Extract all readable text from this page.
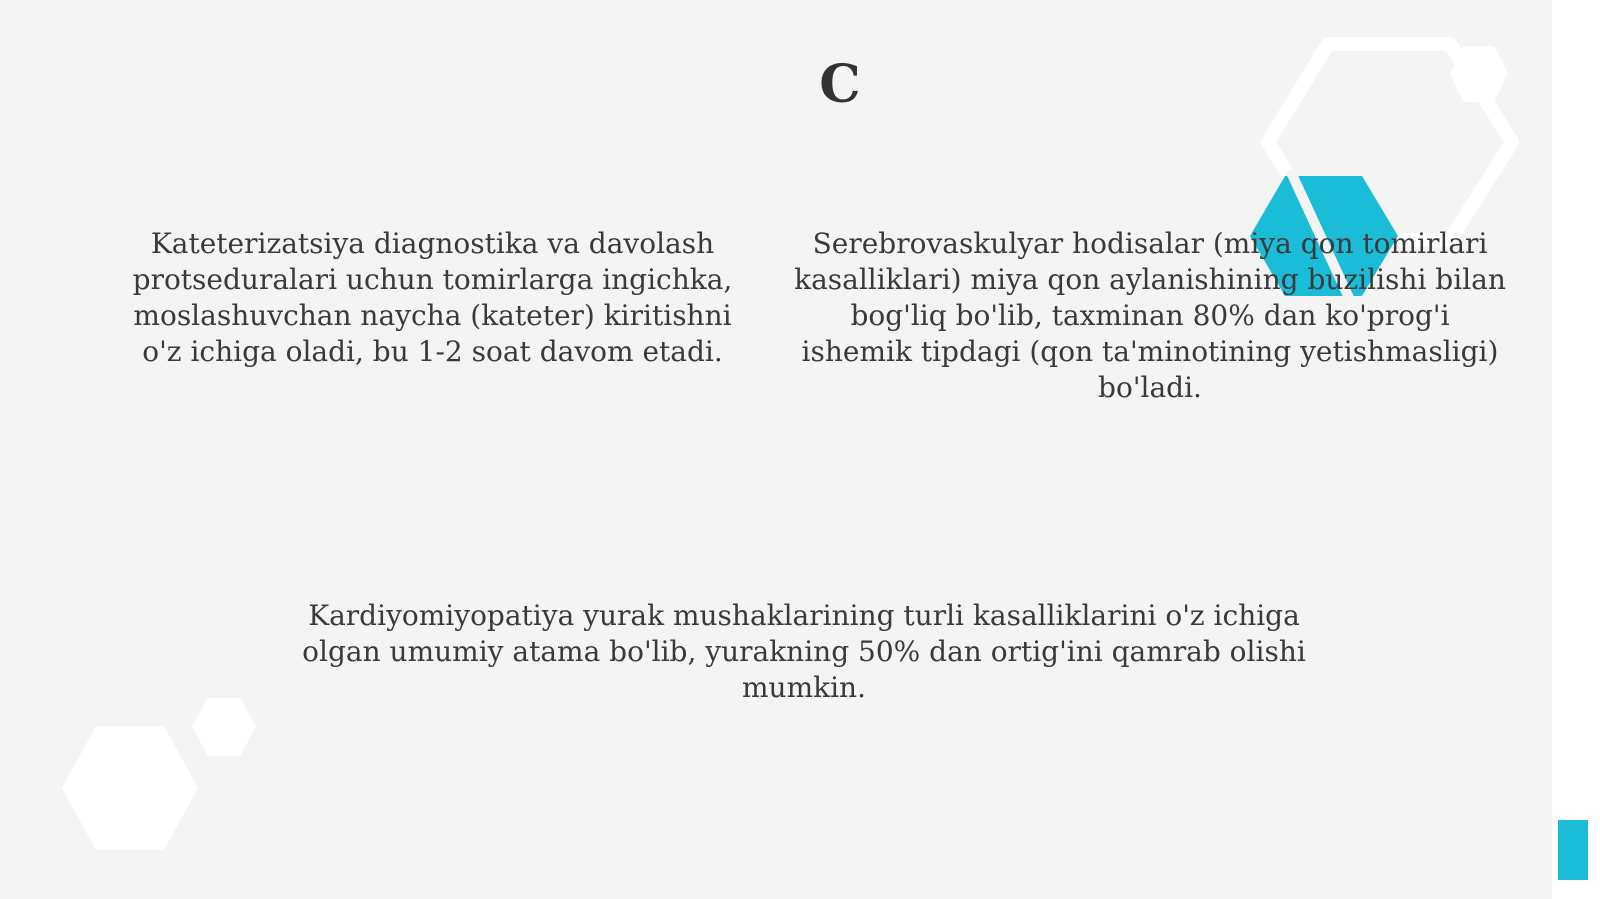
C
Kateterizatsiya diagnostika va davolash protseduralari uchun tomirlarga ingichka, moslashuvchan naycha (kateter) kiritishni o'z ichiga oladi, bu 1-2 soat davom etadi.
Serebrovaskulyar hodisalar (miya qon tomirlari kasalliklari) miya qon aylanishining buzilishi bilan bog'liq bo'lib, taxminan 80% dan ko'prog'i ishemik tipdagi (qon ta'minotining yetishmasligi) bo'ladi.
Kardiyomiyopatiya yurak mushaklarining turli kasalliklarini o'z ichiga olgan umumiy atama bo'lib, yurakning 50% dan ortig'ini qamrab olishi mumkin.
